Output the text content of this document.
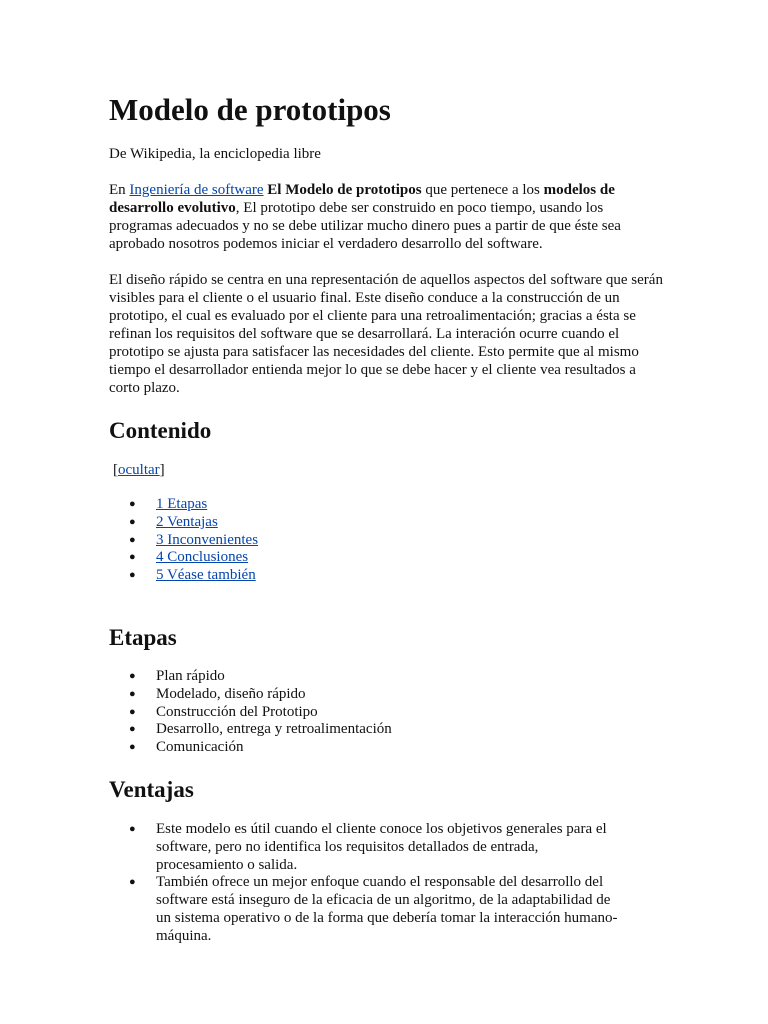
Modelo de prototipos

De Wikipedia, la enciclopedia libre

En Ingeniería de software El Modelo de prototipos que pertenece a los modelos de desarrollo evolutivo, El prototipo debe ser construido en poco tiempo, usando los programas adecuados y no se debe utilizar mucho dinero pues a partir de que éste sea aprobado nosotros podemos iniciar el verdadero desarrollo del software.

El diseño rápido se centra en una representación de aquellos aspectos del software que serán visibles para el cliente o el usuario final. Este diseño conduce a la construcción de un prototipo, el cual es evaluado por el cliente para una retroalimentación; gracias a ésta se refinan los requisitos del software que se desarrollará. La interación ocurre cuando el prototipo se ajusta para satisfacer las necesidades del cliente. Esto permite que al mismo tiempo el desarrollador entienda mejor lo que se debe hacer y el cliente vea resultados a corto plazo.

Contenido
[ocultar]
● 1 Etapas
● 2 Ventajas
● 3 Inconvenientes
● 4 Conclusiones
● 5 Véase también
Etapas
● Plan rápido
● Modelado, diseño rápido
● Construcción del Prototipo
● Desarrollo, entrega y retroalimentación
● Comunicación
Ventajas
● Este modelo es útil cuando el cliente conoce los objetivos generales para el software, pero no identifica los requisitos detallados de entrada, procesamiento o salida.
● También ofrece un mejor enfoque cuando el responsable del desarrollo del software está inseguro de la eficacia de un algoritmo, de la adaptabilidad de un sistema operativo o de la forma que debería tomar la interacción humano-máquina.
